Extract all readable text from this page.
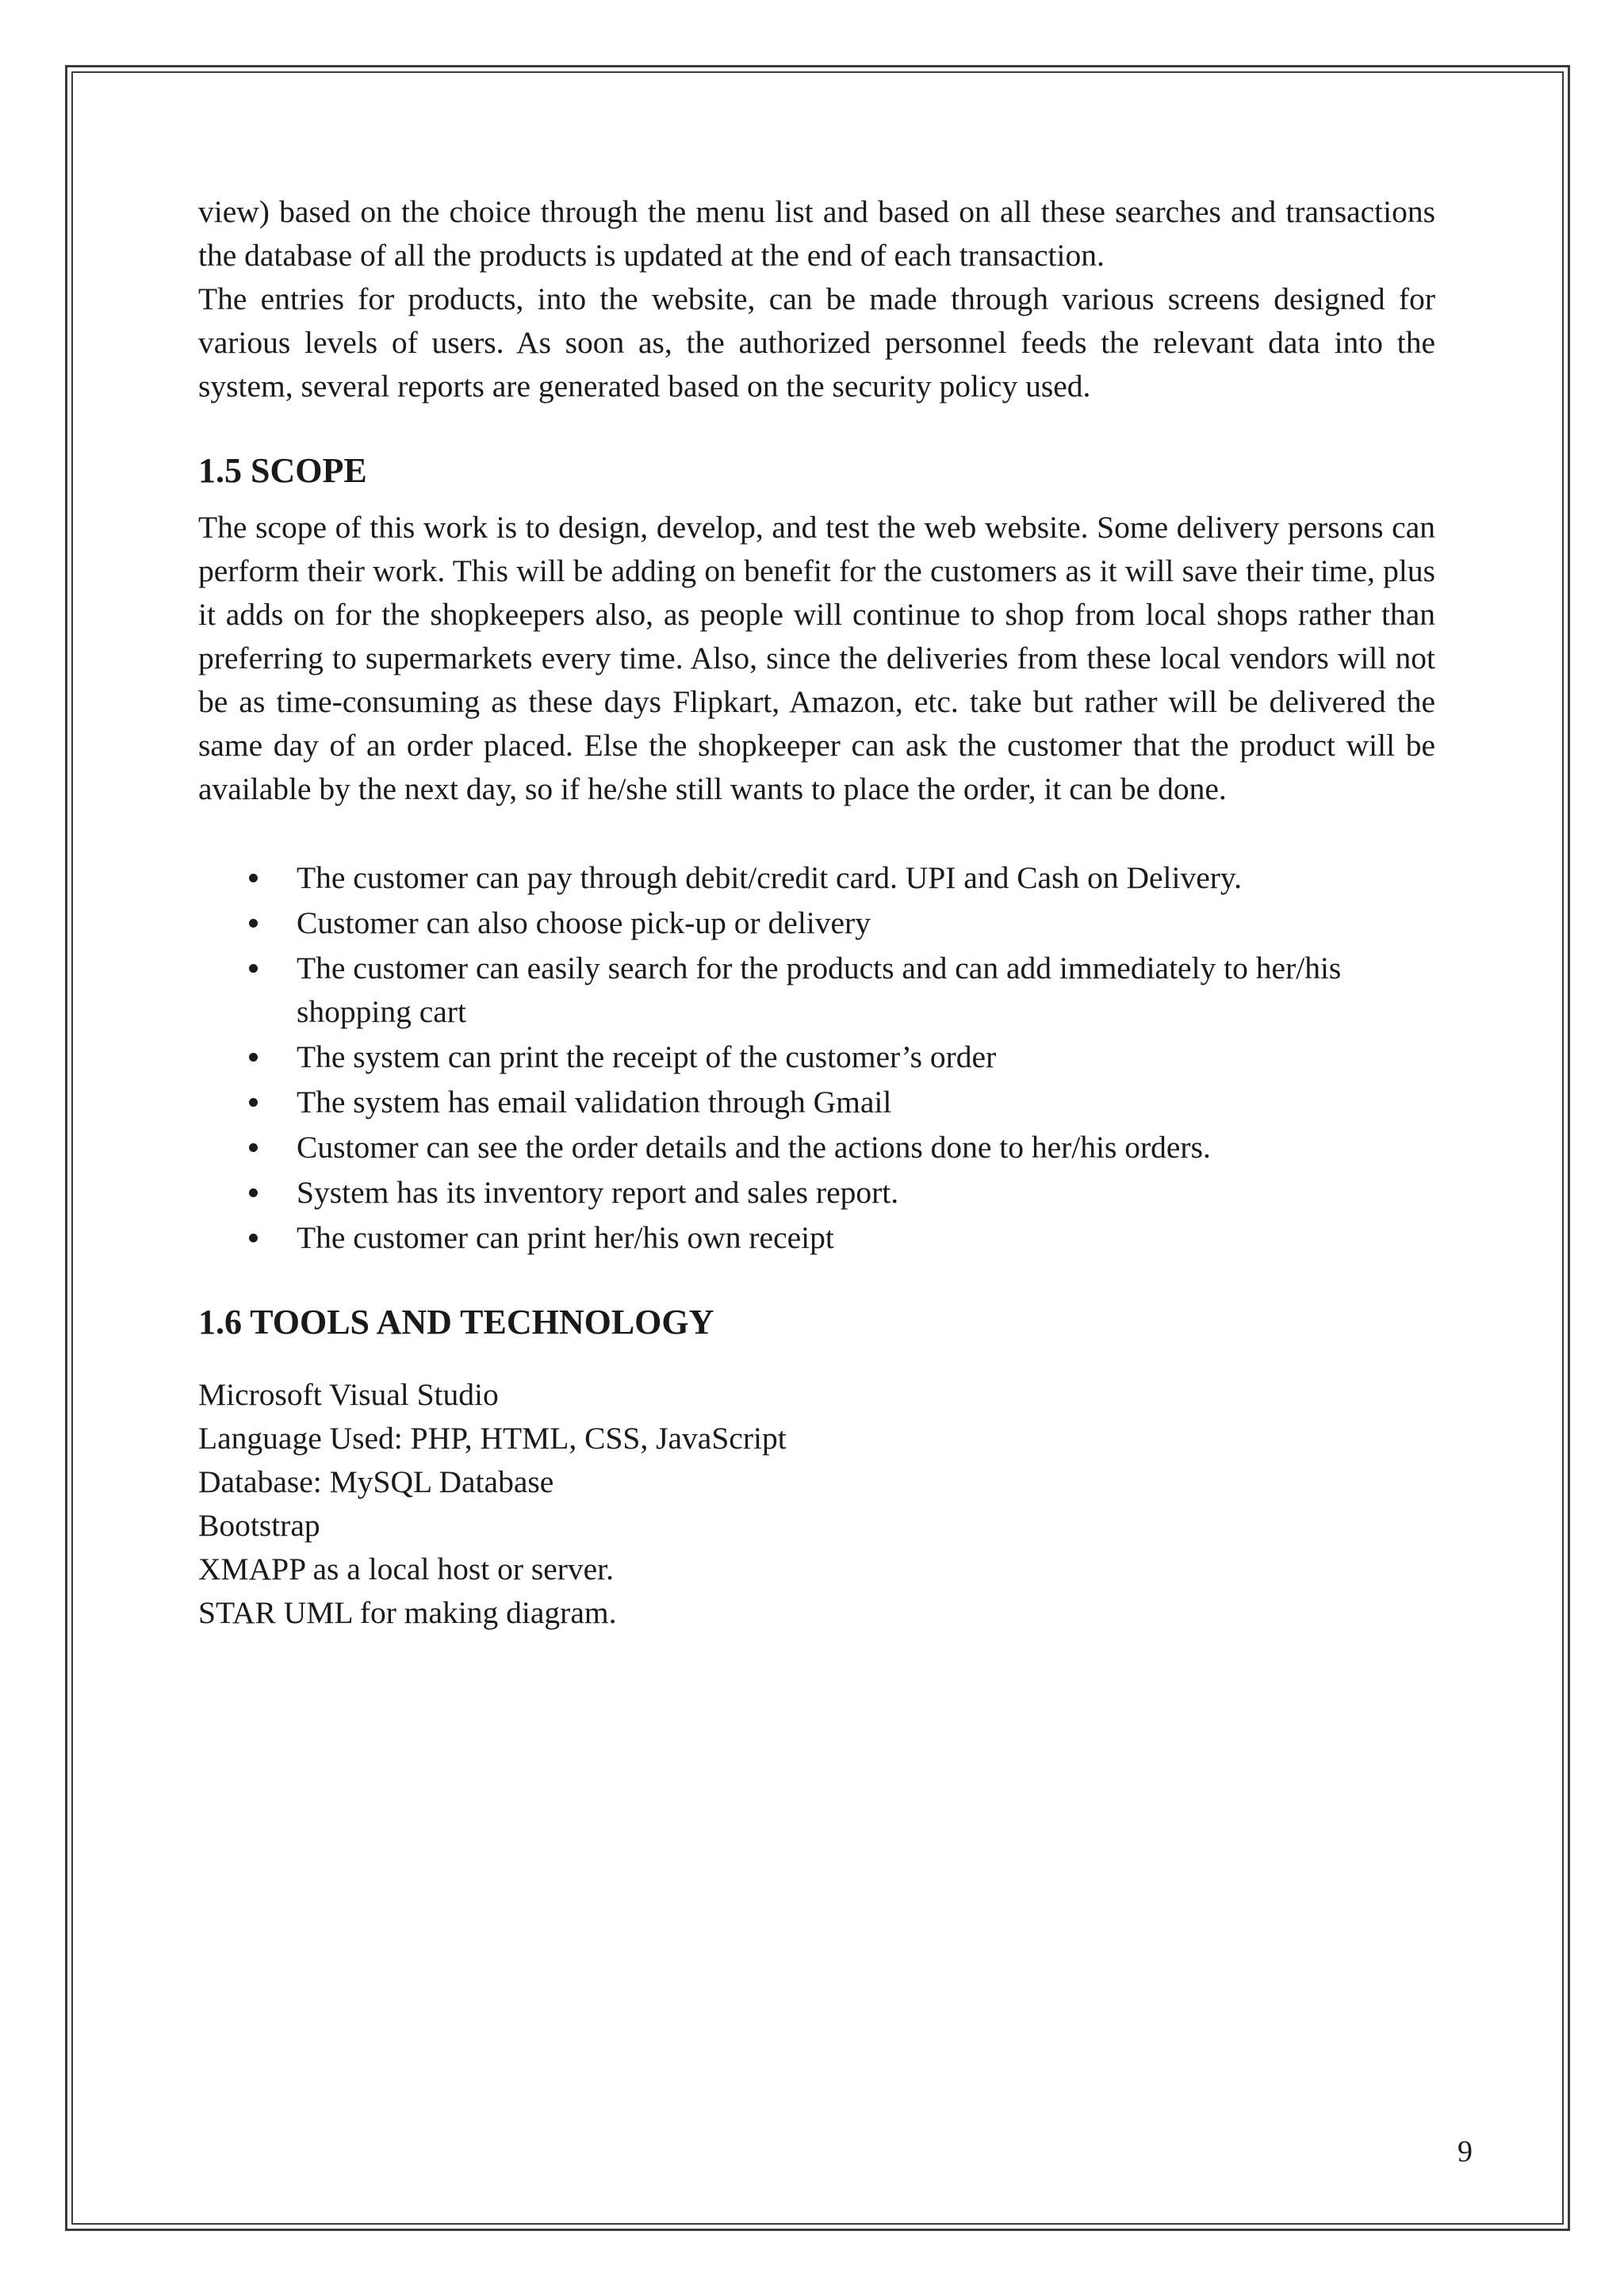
view) based on the choice through the menu list and based on all these searches and transactions the database of all the products is updated at the end of each transaction.

The entries for products, into the website, can be made through various screens designed for various levels of users. As soon as, the authorized personnel feeds the relevant data into the system, several reports are generated based on the security policy used.

1.5 SCOPE

The scope of this work is to design, develop, and test the web website. Some delivery persons can perform their work. This will be adding on benefit for the customers as it will save their time, plus it adds on for the shopkeepers also, as people will continue to shop from local shops rather than preferring to supermarkets every time. Also, since the deliveries from these local vendors will not be as time-consuming as these days Flipkart, Amazon, etc. take but rather will be delivered the same day of an order placed. Else the shopkeeper can ask the customer that the product will be available by the next day, so if he/she still wants to place the order, it can be done.

The customer can pay through debit/credit card. UPI and Cash on Delivery.
Customer can also choose pick-up or delivery
The customer can easily search for the products and can add immediately to her/his shopping cart
The system can print the receipt of the customer’s order
The system has email validation through Gmail
Customer can see the order details and the actions done to her/his orders.
System has its inventory report and sales report.
The customer can print her/his own receipt
1.6 TOOLS AND TECHNOLOGY

Microsoft Visual Studio

Language Used: PHP, HTML, CSS, JavaScript

Database: MySQL Database

Bootstrap

XMAPP as a local host or server.

STAR UML for making diagram.

9
